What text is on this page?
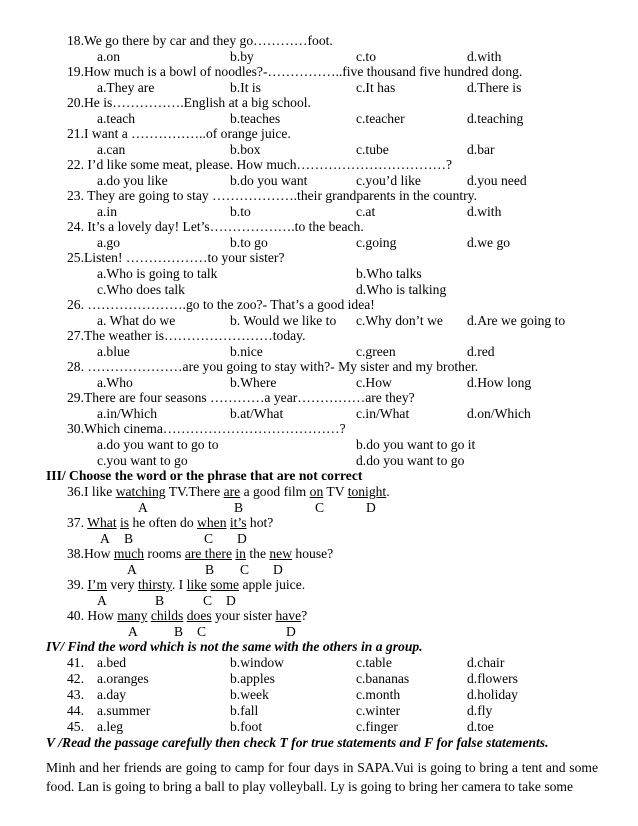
18.We go there by car and they go…………foot.
a.on	b.by	c.to	d.with
19.How much is a bowl of noodles?-……………..five thousand five hundred dong.
a.They are	b.It is	c.It has	d.There is
20.He is…………….English at a big school.
a.teach	b.teaches	c.teacher	d.teaching
21.I want a ……………..of orange juice.
a.can	b.box	c.tube	d.bar
22. I’d like some meat, please. How much……………………………?
a.do you like	b.do you want	c.you’d like	d.you need
23. They are going to stay ……………….their grandparents in the country.
a.in	b.to	c.at	d.with
24. It’s a lovely day! Let’s……………….to the beach.
a.go	b.to go	c.going	d.we go
25.Listen! ………………to your sister?
a.Who is going to talk	b.Who talks
c.Who does talk	d.Who is talking
26. ………………….go to the zoo?- That’s a good idea!
a. What do we	b. Would we like to c.Why don’t we d.Are we going to
27.The weather is……………………today.
a.blue	b.nice	c.green	d.red
28. …………………are you going to stay with?- My sister and my brother.
a.Who	b.Where	c.How	d.How long
29.There are four seasons …………a year……………are they?
a.in/Which	b.at/What	c.in/What	d.on/Which
30.Which cinema…………………………………?
a.do you want to go to	b.do you want to go it
c.you want to go	d.do you want to go
III/ Choose the word or the phrase that are not correct
36.I like watching TV.There are a good film on TV tonight.
A	B	C	D
37. What is he often do when it’s hot?
A B	C D
38.How much rooms are there in the new house?
A	B C D
39. I’m very thirsty. I like some apple juice.
A	B	C D
40. How many childs does your sister have?
A	B C	D
IV/ Find the word which is not the same with the others in a group.
41. a.bed	b.window	c.table	d.chair
42. a.oranges	b.apples	c.bananas	d.flowers
43. a.day	b.week	c.month	d.holiday
44. a.summer	b.fall	c.winter	d.fly
45. a.leg	b.foot	c.finger	d.toe
V /Read the passage carefully then check T for true statements and F for false statements.
Minh and her friends are going to camp for four days in SAPA.Vui is going to bring a tent and some food. Lan is going to bring a ball to play volleyball. Ly is going to bring her camera to take some
